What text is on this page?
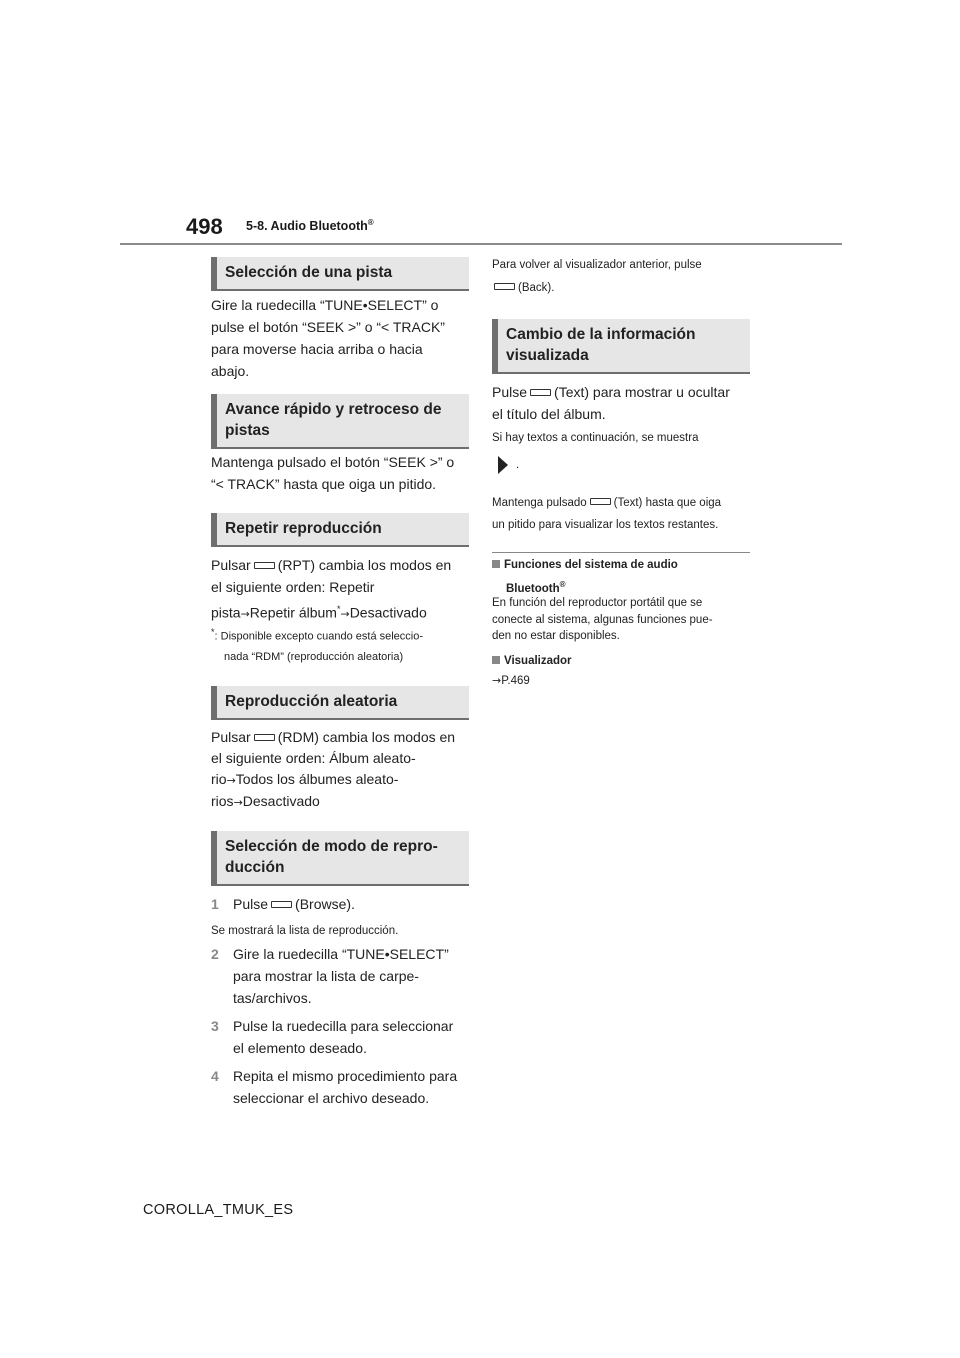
498 5-8. Audio Bluetooth®
Selección de una pista
Gire la ruedecilla “TUNE•SELECT” o
pulse el botón “SEEK >” o “< TRACK”
para moverse hacia arriba o hacia
abajo.
Avance rápido y retroceso de
pistas
Mantenga pulsado el botón “SEEK >” o
“< TRACK” hasta que oiga un pitido.
Repetir reproducción
Pulsar (RPT) cambia los modos en
el siguiente orden: Repetir
pista→Repetir álbum*→Desactivado
*: Disponible excepto cuando está seleccio-
nada “RDM” (reproducción aleatoria)
Reproducción aleatoria
Pulsar (RDM) cambia los modos en
el siguiente orden: Álbum aleato-
rio→Todos los álbumes aleato-
rios→Desactivado
Selección de modo de repro-
ducción
1 Pulse (Browse).
Se mostrará la lista de reproducción.
2 Gire la ruedecilla “TUNE•SELECT”
para mostrar la lista de carpe-
tas/archivos.
3 Pulse la ruedecilla para seleccionar
el elemento deseado.
4 Repita el mismo procedimiento para
seleccionar el archivo deseado.
Para volver al visualizador anterior, pulse
(Back).
Cambio de la información
visualizada
Pulse (Text) para mostrar u ocultar
el título del álbum.
Si hay textos a continuación, se muestra
.
Mantenga pulsado (Text) hasta que oiga
un pitido para visualizar los textos restantes.
Funciones del sistema de audio
Bluetooth®
En función del reproductor portátil que se
conecte al sistema, algunas funciones pue-
den no estar disponibles.
Visualizador
→P.469
COROLLA_TMUK_ES
